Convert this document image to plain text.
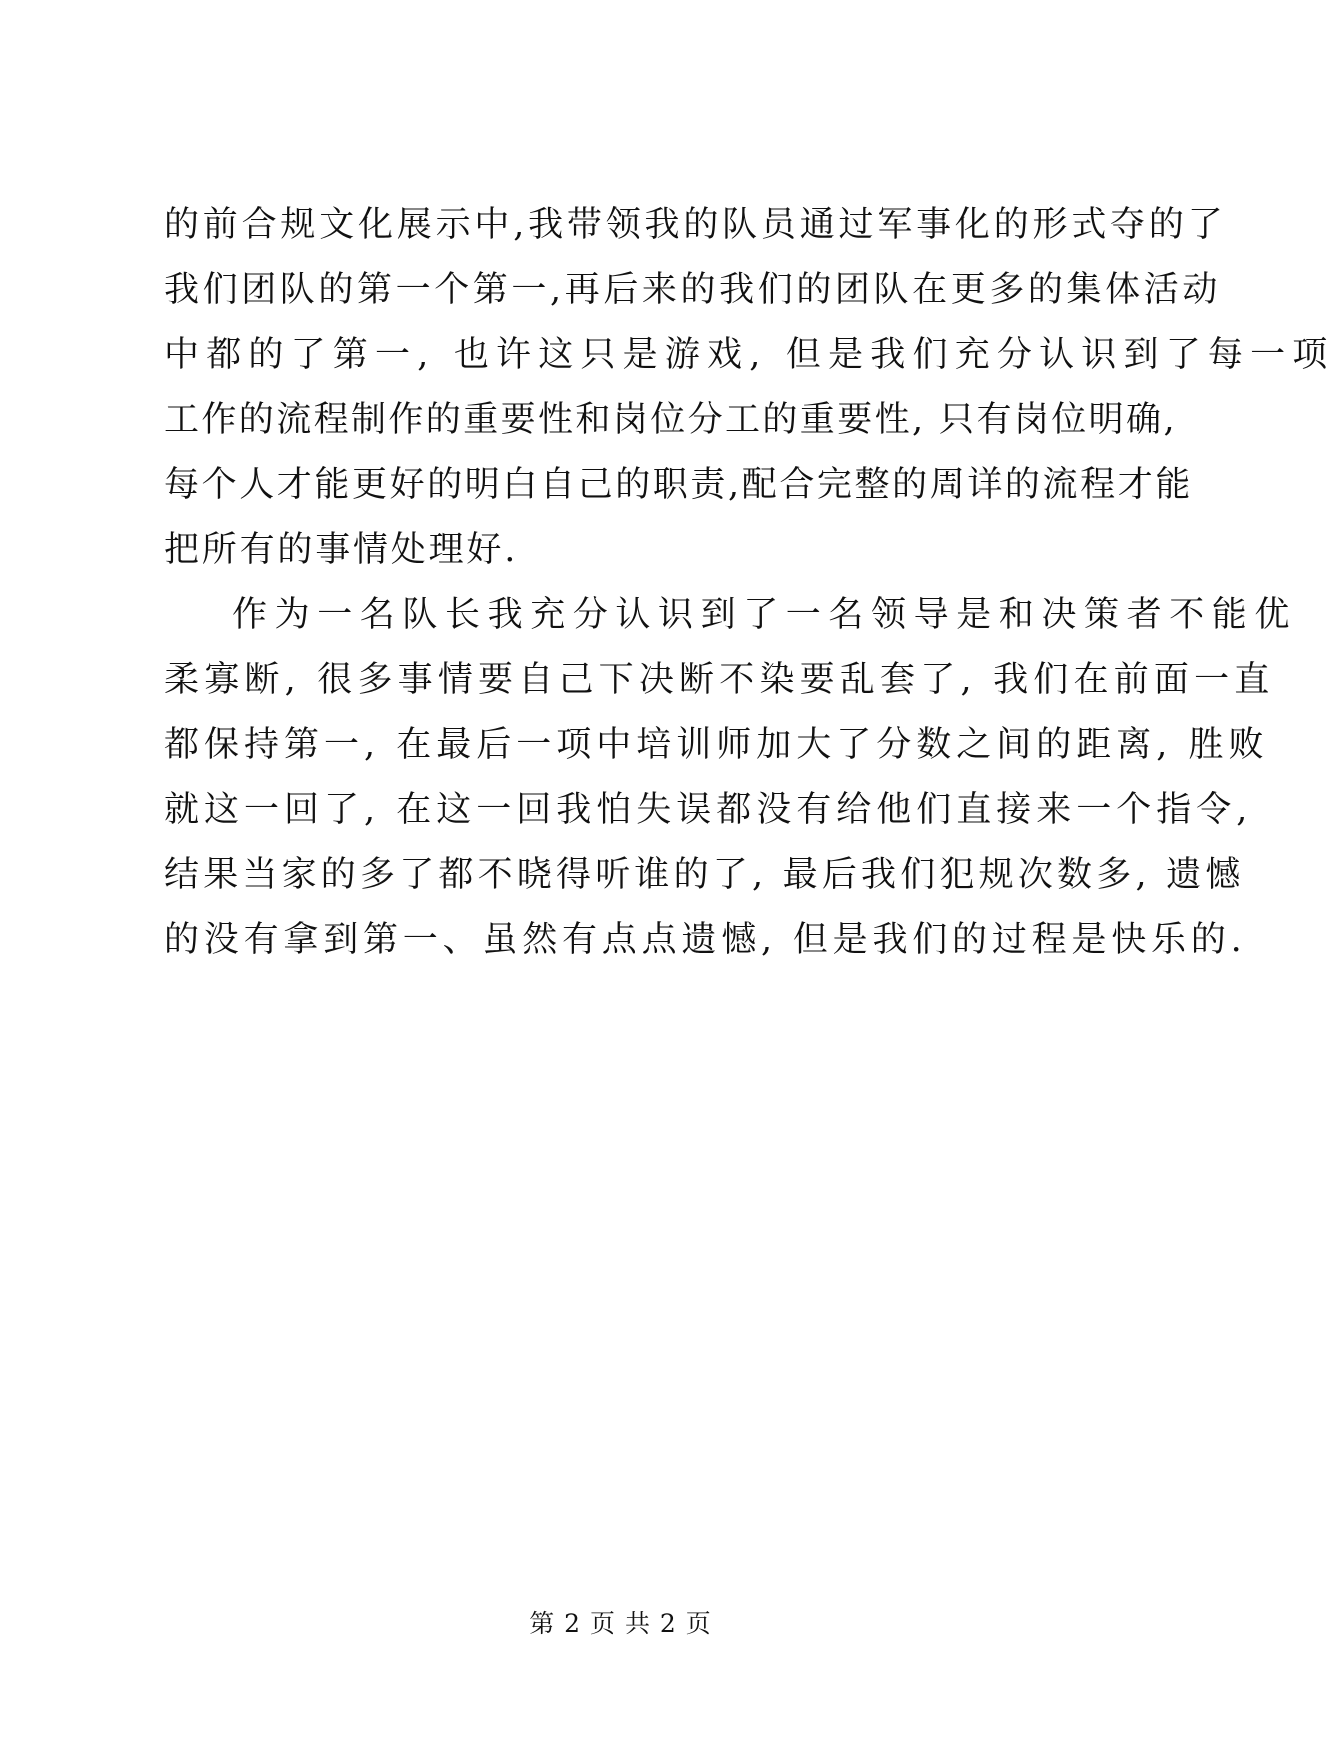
的前合规文化展示中,我带领我的队员通过军事化的形式夺的了
我们团队的第一个第一,再后来的我们的团队在更多的集体活动
中都的了第一, 也许这只是游戏, 但是我们充分认识到了每一项
工作的流程制作的重要性和岗位分工的重要性, 只有岗位明确,
每个人才能更好的明白自己的职责,配合完整的周详的流程才能
把所有的事情处理好.
作为一名队长我充分认识到了一名领导是和决策者不能优
柔寡断, 很多事情要自己下决断不染要乱套了, 我们在前面一直
都保持第一, 在最后一项中培训师加大了分数之间的距离, 胜败
就这一回了, 在这一回我怕失误都没有给他们直接来一个指令,
结果当家的多了都不晓得听谁的了, 最后我们犯规次数多, 遗憾
的没有拿到第一、虽然有点点遗憾, 但是我们的过程是快乐的.
第 2 页 共 2 页
